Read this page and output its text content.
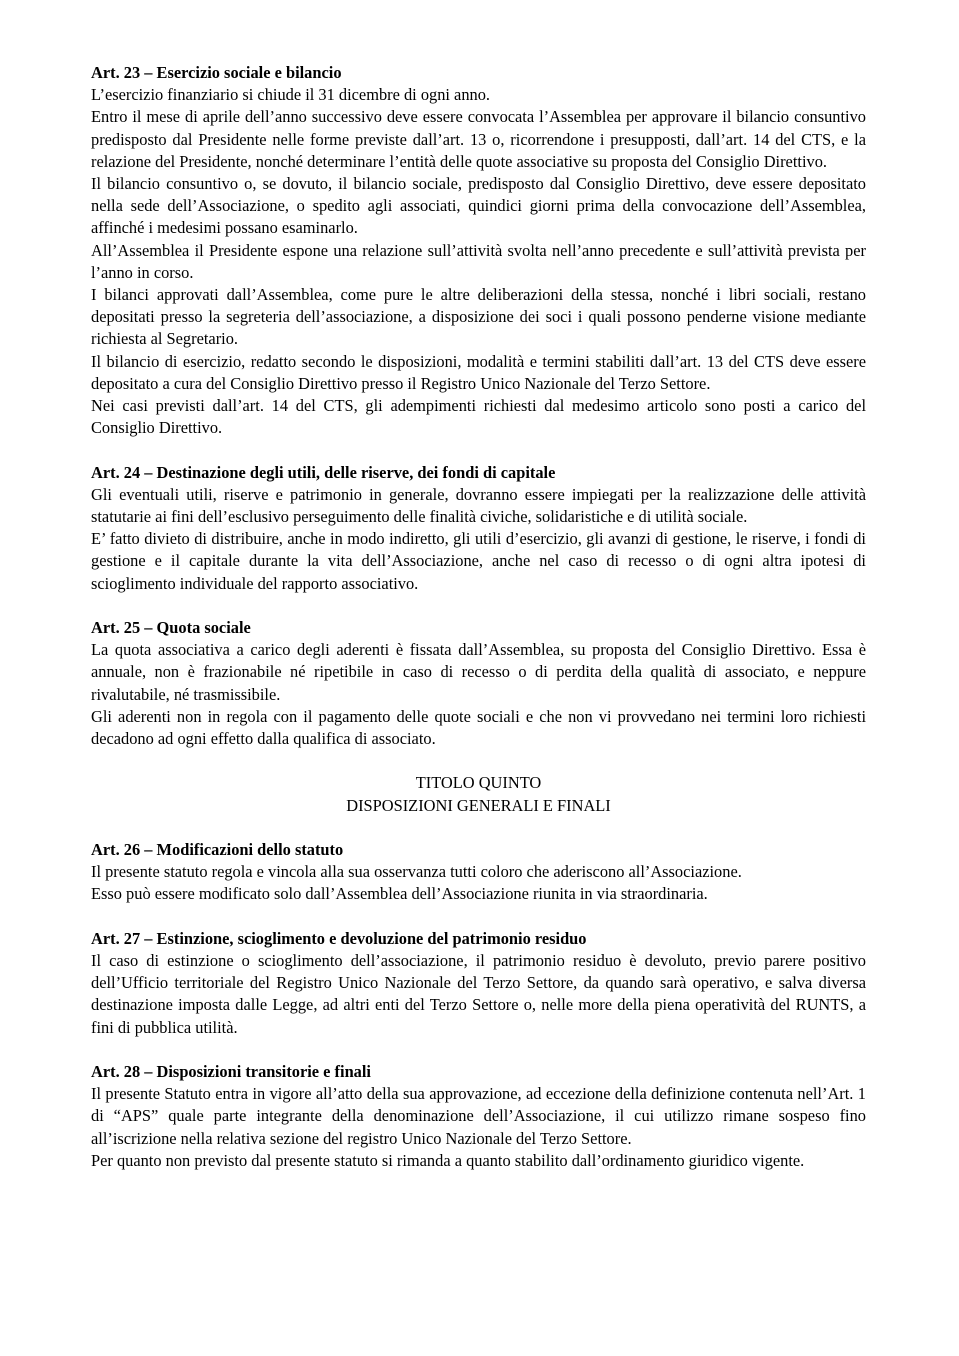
Art. 23 – Esercizio sociale e bilancio

L’esercizio finanziario si chiude il 31 dicembre di ogni anno.

Entro il mese di aprile dell’anno successivo deve essere convocata l’Assemblea per approvare il bilancio consuntivo predisposto dal Presidente nelle forme previste dall’art. 13 o, ricorrendone i presupposti, dall’art. 14 del CTS, e la relazione del Presidente, nonché determinare l’entità delle quote associative su proposta del Consiglio Direttivo.

Il bilancio consuntivo o, se dovuto, il bilancio sociale, predisposto dal Consiglio Direttivo, deve essere depositato nella sede dell’Associazione, o spedito agli associati, quindici giorni prima della convocazione dell’Assemblea, affinché i medesimi possano esaminarlo.

All’Assemblea il Presidente espone una relazione sull’attività svolta nell’anno precedente e sull’attività prevista per l’anno in corso.

I bilanci approvati dall’Assemblea, come pure le altre deliberazioni della stessa, nonché i libri sociali, restano depositati presso la segreteria dell’associazione, a disposizione dei soci i quali possono penderne visione mediante richiesta al Segretario.

Il bilancio di esercizio, redatto secondo le disposizioni, modalità e termini stabiliti dall’art. 13 del CTS deve essere depositato a cura del Consiglio Direttivo presso il Registro Unico Nazionale del Terzo Settore.

Nei casi previsti dall’art. 14 del CTS, gli adempimenti richiesti dal medesimo articolo sono posti a carico del Consiglio Direttivo.

Art. 24 – Destinazione degli utili, delle riserve, dei fondi di capitale

Gli eventuali utili, riserve e patrimonio in generale, dovranno essere impiegati per la realizzazione delle attività statutarie ai fini dell’esclusivo perseguimento delle finalità civiche, solidaristiche e di utilità sociale.

E’ fatto divieto di distribuire, anche in modo indiretto, gli utili d’esercizio, gli avanzi di gestione, le riserve, i fondi di gestione e il capitale durante la vita dell’Associazione, anche nel caso di recesso o di ogni altra ipotesi di scioglimento individuale del rapporto associativo.

Art. 25 – Quota sociale

La quota associativa a carico degli aderenti è fissata dall’Assemblea, su proposta del Consiglio Direttivo. Essa è annuale, non è frazionabile né ripetibile in caso di recesso o di perdita della qualità di associato, e neppure rivalutabile, né trasmissibile.

Gli aderenti non in regola con il pagamento delle quote sociali e che non vi provvedano nei termini loro richiesti decadono ad ogni effetto dalla qualifica di associato.

TITOLO QUINTO

DISPOSIZIONI GENERALI E FINALI

Art. 26 – Modificazioni dello statuto

Il presente statuto regola e vincola alla sua osservanza tutti coloro che aderiscono all’Associazione.

Esso può essere modificato solo dall’Assemblea dell’Associazione riunita in via straordinaria.

Art. 27 – Estinzione, scioglimento e devoluzione del patrimonio residuo

Il caso di estinzione o scioglimento dell’associazione, il patrimonio residuo è devoluto, previo parere positivo dell’Ufficio territoriale del Registro Unico Nazionale del Terzo Settore, da quando sarà operativo, e salva diversa destinazione imposta dalle Legge, ad altri enti del Terzo Settore o, nelle more della piena operatività del RUNTS, a fini di pubblica utilità.

Art. 28 – Disposizioni transitorie e finali

Il presente Statuto entra in vigore all’atto della sua approvazione, ad eccezione della definizione contenuta nell’Art. 1 di “APS” quale parte integrante della denominazione dell’Associazione, il cui utilizzo rimane sospeso fino all’iscrizione nella relativa sezione del registro Unico Nazionale del Terzo Settore.

Per quanto non previsto dal presente statuto si rimanda a quanto stabilito dall’ordinamento giuridico vigente.
